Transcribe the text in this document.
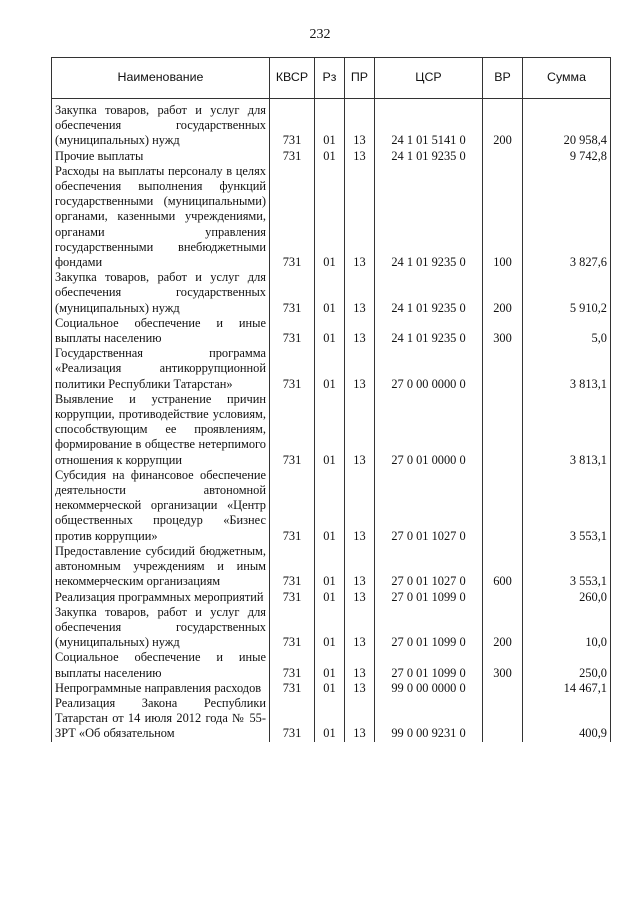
232
Наименование	КВСР	Рз	ПР	ЦСР	ВР	Сумма

Закупка товаров, работ и услуг для обеспечения государственных (муниципальных) нужд	731	01	13	24 1 01 5141 0	200	20 958,4
Прочие выплаты	731	01	13	24 1 01 9235 0		9 742,8
Расходы на выплаты персоналу в целях обеспечения выполнения функций государственными (муниципальными) органами, казенными учреждениями, органами управления государственными внебюджетными фондами	731	01	13	24 1 01 9235 0	100	3 827,6
Закупка товаров, работ и услуг для обеспечения государственных (муниципальных) нужд	731	01	13	24 1 01 9235 0	200	5 910,2
Социальное обеспечение и иные выплаты населению	731	01	13	24 1 01 9235 0	300	5,0
Государственная программа «Реализация антикоррупционной политики Республики Татарстан»	731	01	13	27 0 00 0000 0		3 813,1
Выявление и устранение причин коррупции, противодействие условиям, способствующим ее проявлениям, формирование в обществе нетерпимого отношения к коррупции	731	01	13	27 0 01 0000 0		3 813,1
Субсидия на финансовое обеспечение деятельности автономной некоммерческой организации «Центр общественных процедур «Бизнес против коррупции»	731	01	13	27 0 01 1027 0		3 553,1
Предоставление субсидий бюджетным, автономным учреждениям и иным некоммерческим организациям	731	01	13	27 0 01 1027 0	600	3 553,1
Реализация программных мероприятий	731	01	13	27 0 01 1099 0		260,0
Закупка товаров, работ и услуг для обеспечения государственных (муниципальных) нужд	731	01	13	27 0 01 1099 0	200	10,0
Социальное обеспечение и иные выплаты населению	731	01	13	27 0 01 1099 0	300	250,0
Непрограммные направления расходов	731	01	13	99 0 00 0000 0		14 467,1
Реализация Закона Республики Татарстан от 14 июля 2012 года № 55-ЗРТ «Об обязательном	731	01	13	99 0 00 9231 0		400,9
